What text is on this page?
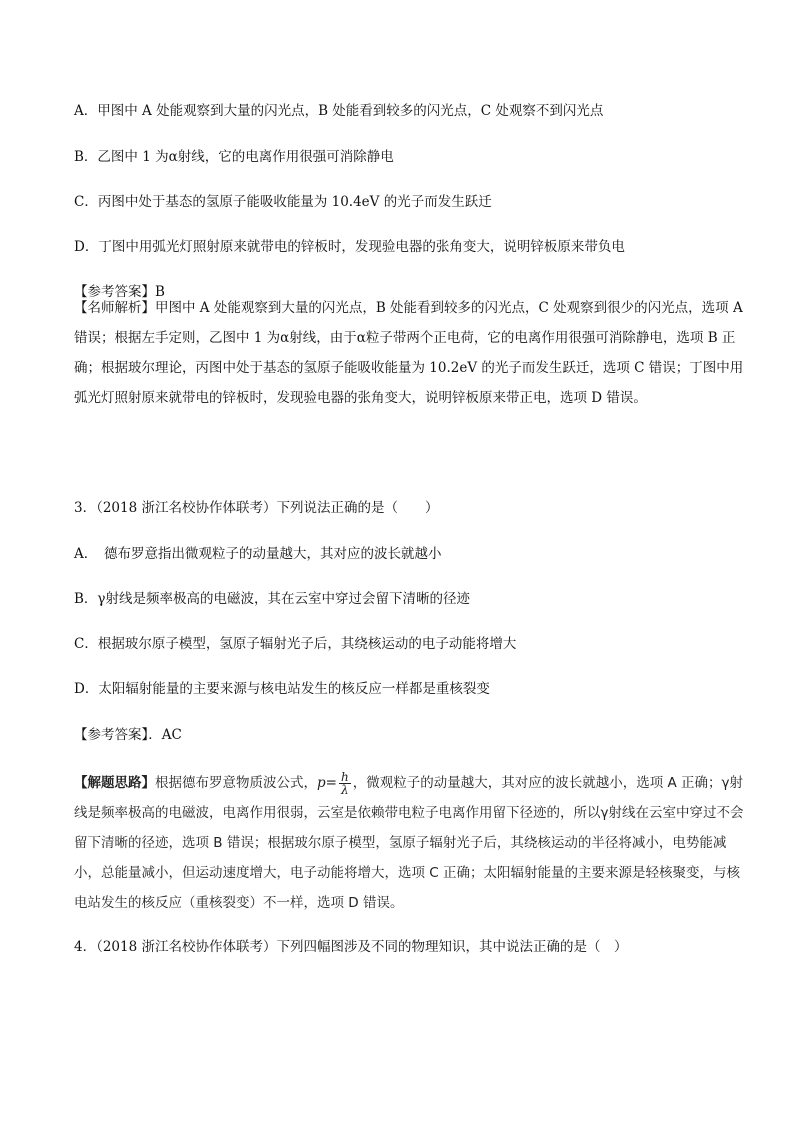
A．甲图中 A 处能观察到大量的闪光点，B 处能看到较多的闪光点，C 处观察不到闪光点
B．乙图中 1 为α射线，它的电离作用很强可消除静电
C．丙图中处于基态的氢原子能吸收能量为 10.4eV 的光子而发生跃迁
D．丁图中用弧光灯照射原来就带电的锌板时，发现验电器的张角变大，说明锌板原来带负电
【参考答案】B
【名师解析】甲图中 A 处能观察到大量的闪光点，B 处能看到较多的闪光点，C 处观察到很少的闪光点，选项 A 错误；根据左手定则，乙图中 1 为α射线，由于α粒子带两个正电荷，它的电离作用很强可消除静电，选项 B 正确；根据玻尔理论，丙图中处于基态的氢原子能吸收能量为 10.2eV 的光子而发生跃迁，选项 C 错误；丁图中用弧光灯照射原来就带电的锌板时，发现验电器的张角变大，说明锌板原来带正电，选项 D 错误。
3．（2018 浙江名校协作体联考）下列说法正确的是（　　）
A．　德布罗意指出微观粒子的动量越大，其对应的波长就越小
B．γ射线是频率极高的电磁波，其在云室中穿过会留下清晰的径迹
C．根据玻尔原子模型，氢原子辐射光子后，其绕核运动的电子动能将增大
D．太阳辐射能量的主要来源与核电站发生的核反应一样都是重核裂变
【参考答案】．AC
【解题思路】根据德布罗意物质波公式，$p= \frac{h}{\lambda}$ ，微观粒子的动量越大，其对应的波长就越小，选项 A 正确；γ射线是频率极高的电磁波，电离作用很弱，云室是依赖带电粒子电离作用留下径迹的，所以γ射线在云室中穿过不会留下清晰的径迹，选项 B 错误；根据玻尔原子模型，氢原子辐射光子后，其绕核运动的半径将减小，电势能减小，总能量减小，但运动速度增大，电子动能将增大，选项 C 正确；太阳辐射能量的主要来源是轻核聚变，与核电站发生的核反应（重核裂变）不一样，选项 D 错误。
4．（2018 浙江名校协作体联考）下列四幅图涉及不同的物理知识，其中说法正确的是（　）
